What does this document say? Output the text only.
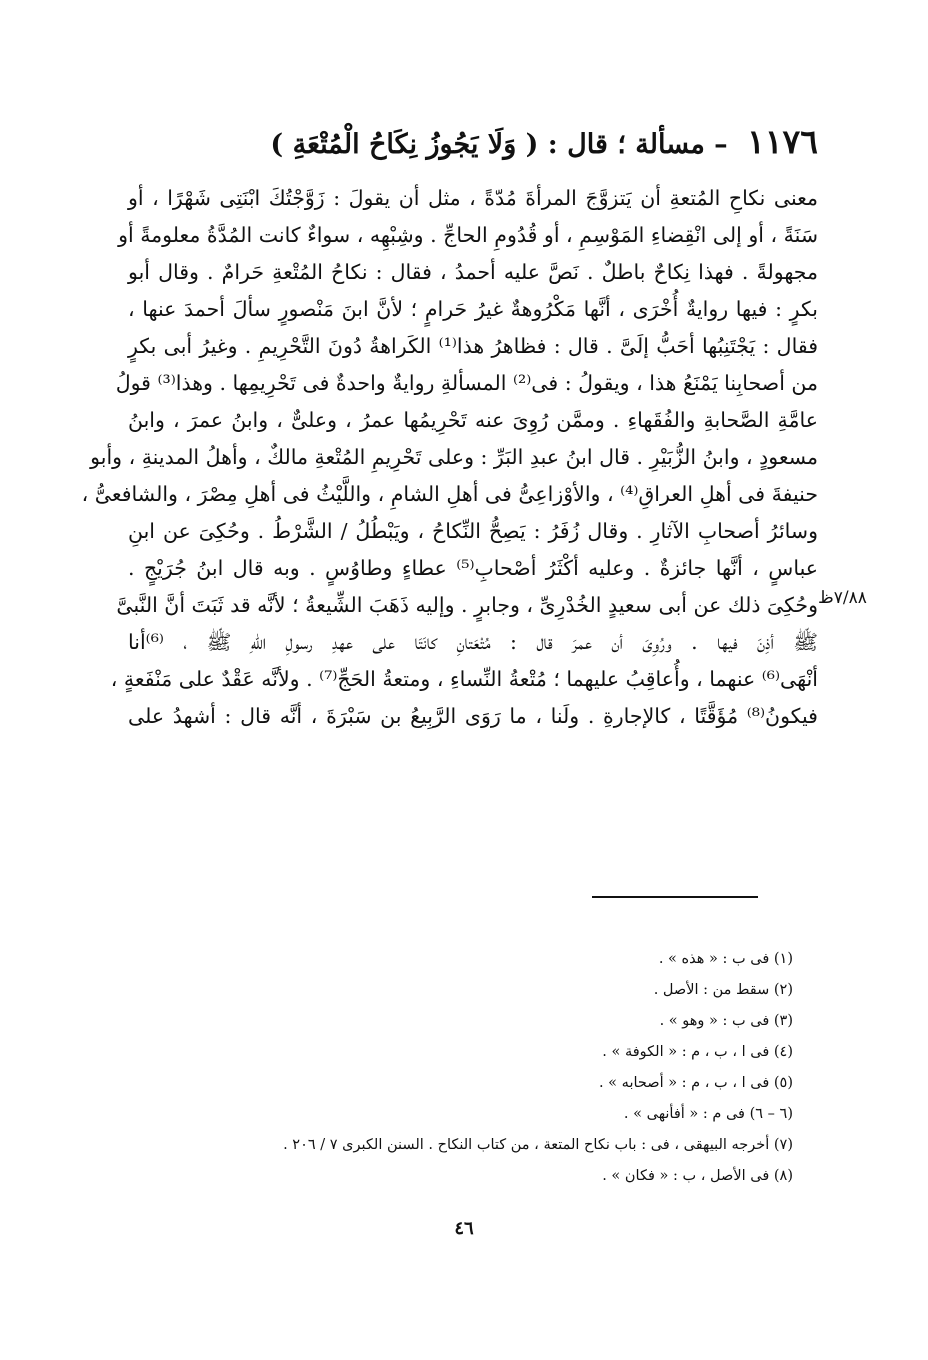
١١٧٦ – مسألة ؛ قال : ( وَلَا يَجُوزُ نِكَاحُ الْمُتْعَةِ )
معنى نكاحِ المُتعةِ أن يَتزوَّجَ المرأةَ مُدّةً ، مثل أن يقولَ : زَوَّجْتُكَ ابْنَتِى شَهْرًا ، أو
سَنَةً ، أو إلى انْقِضاءِ المَوْسِمِ ، أو قُدُومِ الحاجِّ . وشِبْهِه ، سواءٌ كانت المُدَّةُ معلومةً أو
مجهولةً . فهذا نِكاحٌ باطلٌ . نَصَّ عليه أحمدُ ، فقال : نكاحُ المُتْعةِ حَرامٌ . وقال أبو
بكرٍ : فيها روايةٌ أُخْرَى ، أنَّها مَكْرُوهةٌ غيرُ حَرامٍ ؛ لأنَّ ابنَ مَنْصورٍ سألَ أحمدَ عنها ،
فقال : يَجْتَنِبُها أحَبُّ إلَىَّ . قال : فظاهرُ هذا⁽¹⁾ الكَراهةُ دُونَ التَّحْرِيمِ . وغيرُ أبى بكرٍ
من أصحابِنا يَمْنَعُ هذا ، ويقولُ : فى⁽²⁾ المسألةِ روايةٌ واحدةٌ فى تَحْرِيمِها . وهذا⁽³⁾ قولُ
عامَّةِ الصَّحابةِ والفُقَهاءِ . وممَّن رُوِىَ عنه تَحْرِيمُها عمرُ ، وعلىٌّ ، وابنُ عمرَ ، وابنُ
مسعودٍ ، وابنُ الزُّبَيْرِ . قال ابنُ عبدِ البَرِّ : وعلى تَحْرِيمِ المُتْعةِ مالكٌ ، وأهلُ المدينةِ ، وأبو
حنيفةَ فى أهلِ العراقِ⁽⁴⁾ ، والأوْزاعِىُّ فى أهلِ الشامِ ، واللَّيْثُ فى أهلِ مِصْرَ ، والشافعىُّ ،
وسائرُ أصحابِ الآثارِ . وقال زُفَرُ : يَصِحُّ النِّكاحُ ، ويَبْطُلُ / الشَّرْطُ . وحُكِىَ عن ابنِ
عباسٍ ، أنَّها جائزةٌ . وعليه أكْثَرُ أصْحابِ⁽⁵⁾ عطاءٍ وطاوُسٍ . وبه قال ابنُ جُرَيْجٍ .
وحُكِىَ ذلك عن أبى سعيدٍ الخُدْرِىِّ ، وجابرٍ . وإليه ذَهَبَ الشِّيعةُ ؛ لأنَّه قد ثَبَتَ أنَّ النَّبىَّ
ﷺ أذِنَ فيها . ورُوِىَ أن عمرَ قال : مُتْعَتانِ كانَتَا على عهدِ رسولِ اللهِ ﷺ ، ⁽⁶⁾أنا
أنْهَى⁽⁶⁾ عنهما ، وأُعاقِبُ عليهما ؛ مُتْعةُ النِّساءِ ، ومتعةُ الحَجِّ⁽⁷⁾ . ولأنَّه عَقْدٌ على مَنْفَعةٍ ،
فيكونُ⁽⁸⁾ مُؤَقَّتًا ، كالإجارةِ . ولَنا ، ما رَوَى الرَّبِيعُ بن سَبْرَةَ ، أنَّه قال : أشهدُ على
٧/٨٨ظ
(١) فى ب : « هذه » .
(٢) سقط من : الأصل .
(٣) فى ب : « وهو » .
(٤) فى ا ، ب ، م : « الكوفة » .
(٥) فى ا ، ب ، م : « أصحابه » .
(٦ – ٦) فى م : « أفأنهى » .
(٧) أخرجه البيهقى ، فى : باب نكاح المتعة ، من كتاب النكاح . السنن الكبرى ٧ / ٢٠٦ .
(٨) فى الأصل ، ب : « فكان » .
٤٦
